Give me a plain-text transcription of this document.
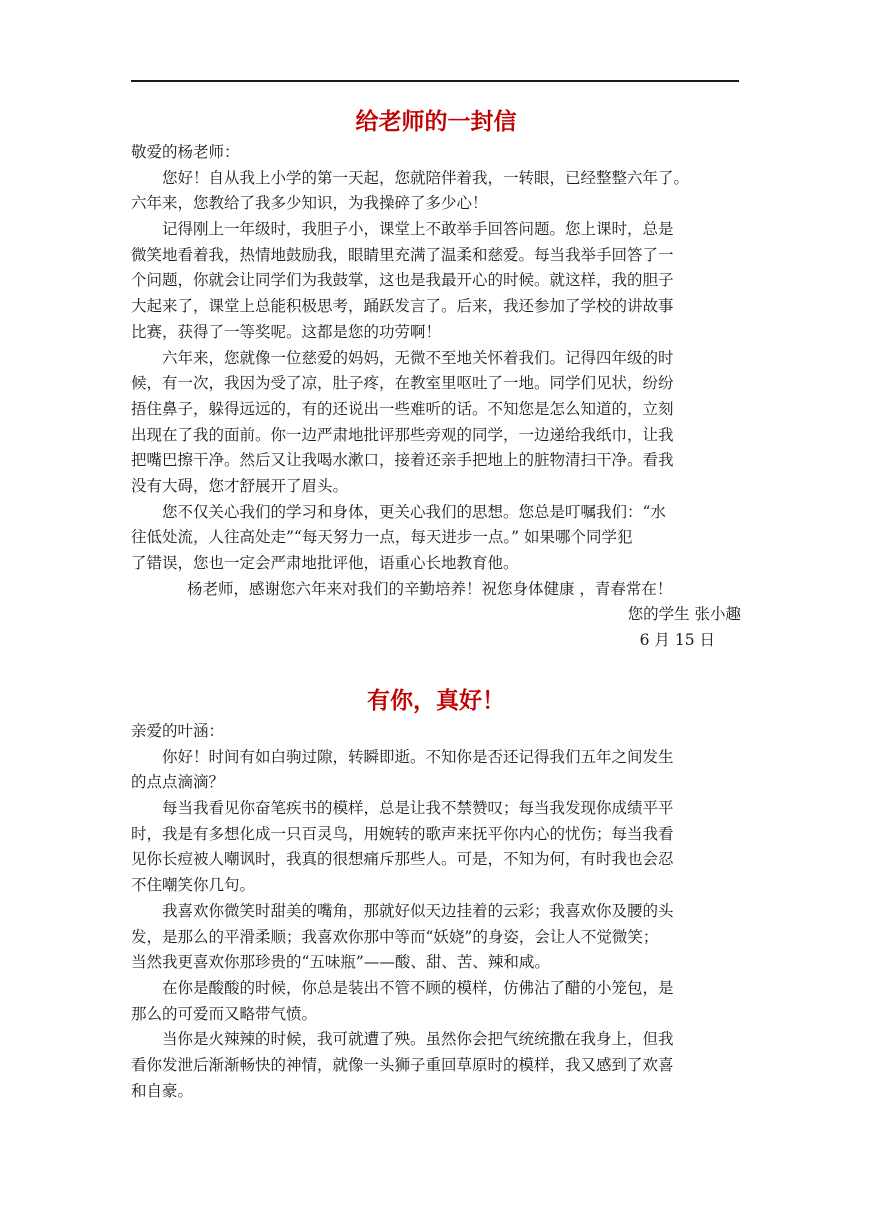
给老师的一封信

敬爱的杨老师：

您好！自从我上小学的第一天起，您就陪伴着我，一转眼，已经整整六年了。

六年来，您教给了我多少知识，为我操碎了多少心！

记得刚上一年级时，我胆子小，课堂上不敢举手回答问题。您上课时，总是

微笑地看着我，热情地鼓励我，眼睛里充满了温柔和慈爱。每当我举手回答了一

个问题，你就会让同学们为我鼓掌，这也是我最开心的时候。就这样，我的胆子

大起来了，课堂上总能积极思考，踊跃发言了。后来，我还参加了学校的讲故事

比赛，获得了一等奖呢。这都是您的功劳啊！

六年来，您就像一位慈爱的妈妈，无微不至地关怀着我们。记得四年级的时

候，有一次，我因为受了凉，肚子疼，在教室里呕吐了一地。同学们见状，纷纷

捂住鼻子，躲得远远的，有的还说出一些难听的话。不知您是怎么知道的，立刻

出现在了我的面前。你一边严肃地批评那些旁观的同学，一边递给我纸巾，让我

把嘴巴擦干净。然后又让我喝水漱口，接着还亲手把地上的脏物清扫干净。看我

没有大碍，您才舒展开了眉头。

您不仅关心我们的学习和身体，更关心我们的思想。您总是叮嘱我们：“水

往低处流，人往高处走”“每天努力一点，每天进步一点。” 如果哪个同学犯

了错误，您也一定会严肃地批评他，语重心长地教育他。

杨老师，感谢您六年来对我们的辛勤培养！祝您身体健康 ，青春常在！

您的学生 张小趣

6 月 15 日

有你，真好！

亲爱的叶涵：

你好！时间有如白驹过隙，转瞬即逝。不知你是否还记得我们五年之间发生

的点点滴滴？

每当我看见你奋笔疾书的模样，总是让我不禁赞叹；每当我发现你成绩平平

时，我是有多想化成一只百灵鸟，用婉转的歌声来抚平你内心的忧伤；每当我看

见你长痘被人嘲讽时，我真的很想痛斥那些人。可是，不知为何，有时我也会忍

不住嘲笑你几句。

我喜欢你微笑时甜美的嘴角，那就好似天边挂着的云彩；我喜欢你及腰的头

发，是那么的平滑柔顺；我喜欢你那中等而“妖娆”的身姿，会让人不觉微笑；

当然我更喜欢你那珍贵的“五味瓶”——酸、甜、苦、辣和咸。

在你是酸酸的时候，你总是装出不管不顾的模样，仿佛沾了醋的小笼包，是

那么的可爱而又略带气愤。

当你是火辣辣的时候，我可就遭了殃。虽然你会把气统统撒在我身上，但我

看你发泄后渐渐畅快的神情，就像一头狮子重回草原时的模样，我又感到了欢喜

和自豪。
